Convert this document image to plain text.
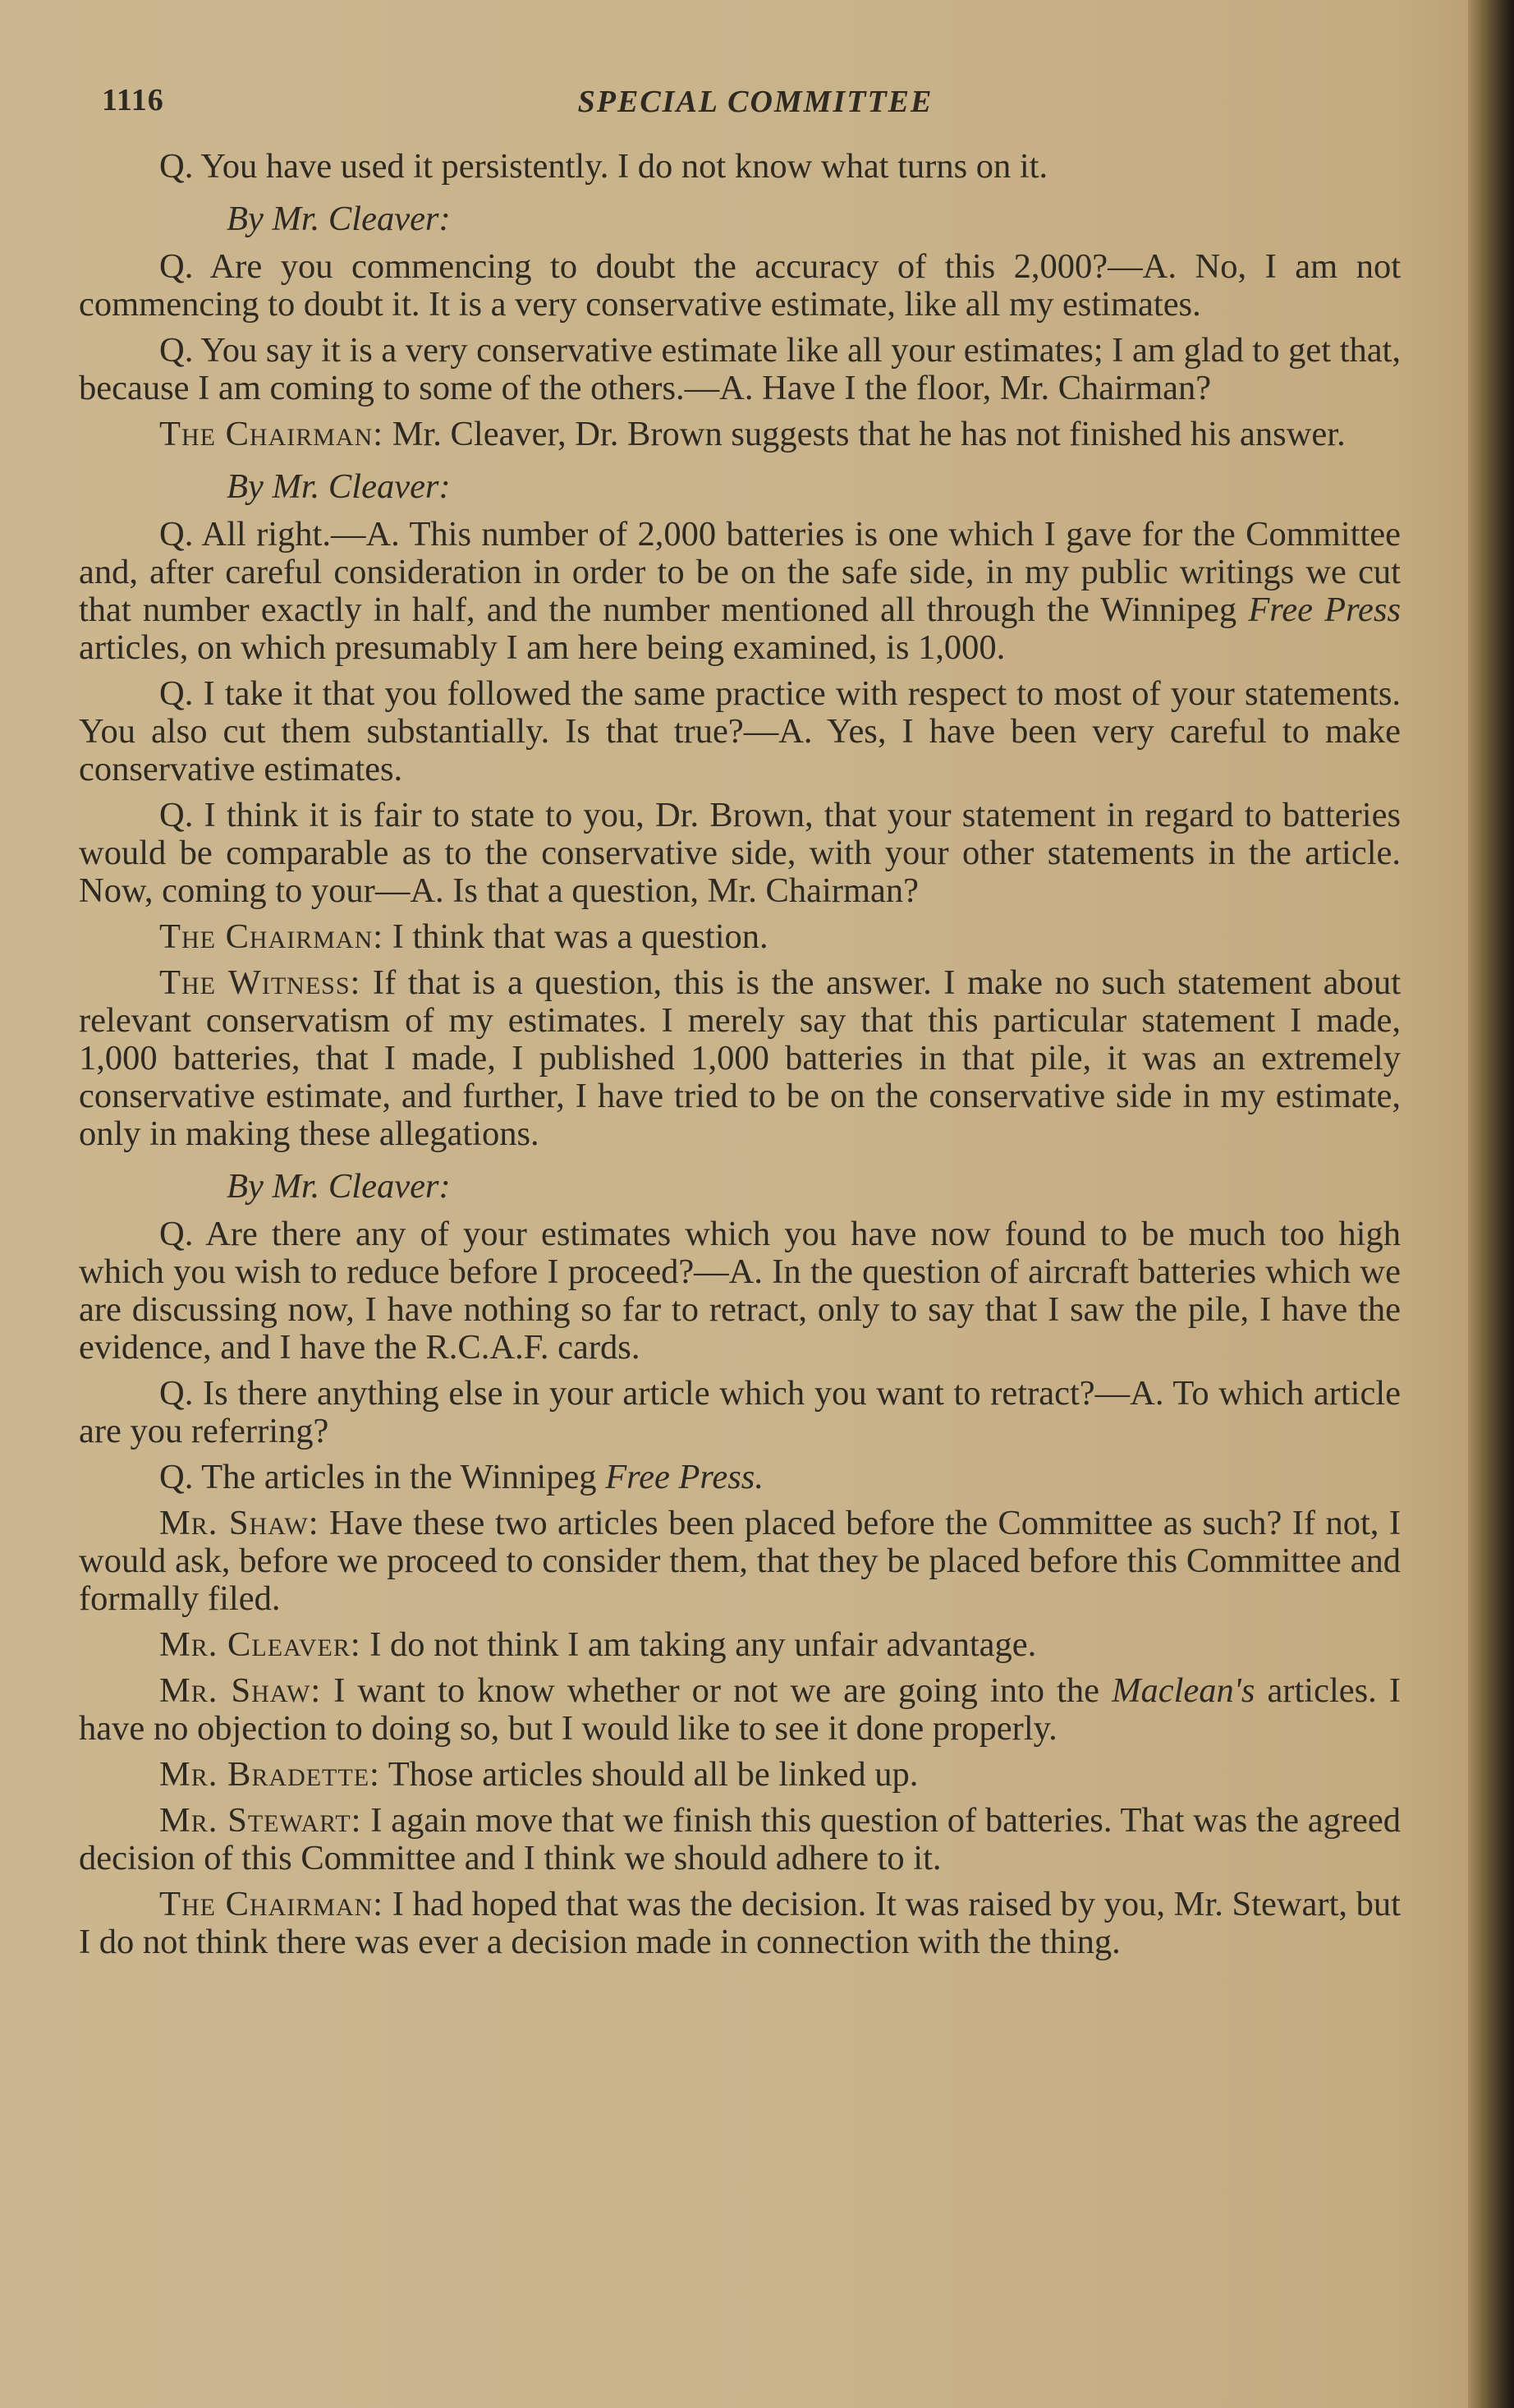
1116	SPECIAL COMMITTEE

Q. You have used it persistently. I do not know what turns on it.

By Mr. Cleaver:

Q. Are you commencing to doubt the accuracy of this 2,000?—A. No, I am not commencing to doubt it. It is a very conservative estimate, like all my estimates.

Q. You say it is a very conservative estimate like all your estimates; I am glad to get that, because I am coming to some of the others.—A. Have I the floor, Mr. Chairman?

The Chairman: Mr. Cleaver, Dr. Brown suggests that he has not finished his answer.

By Mr. Cleaver:

Q. All right.—A. This number of 2,000 batteries is one which I gave for the Committee and, after careful consideration in order to be on the safe side, in my public writings we cut that number exactly in half, and the number mentioned all through the Winnipeg Free Press articles, on which presumably I am here being examined, is 1,000.

Q. I take it that you followed the same practice with respect to most of your statements. You also cut them substantially. Is that true?—A. Yes, I have been very careful to make conservative estimates.

Q. I think it is fair to state to you, Dr. Brown, that your statement in regard to batteries would be comparable as to the conservative side, with your other statements in the article. Now, coming to your—A. Is that a question, Mr. Chairman?

The Chairman: I think that was a question.

The Witness: If that is a question, this is the answer. I make no such statement about relevant conservatism of my estimates. I merely say that this particular statement I made, 1,000 batteries, that I made, I published 1,000 batteries in that pile, it was an extremely conservative estimate, and further, I have tried to be on the conservative side in my estimate, only in making these allegations.

By Mr. Cleaver:

Q. Are there any of your estimates which you have now found to be much too high which you wish to reduce before I proceed?—A. In the question of aircraft batteries which we are discussing now, I have nothing so far to retract, only to say that I saw the pile, I have the evidence, and I have the R.C.A.F. cards.

Q. Is there anything else in your article which you want to retract?—A. To which article are you referring?

Q. The articles in the Winnipeg Free Press.

Mr. Shaw: Have these two articles been placed before the Committee as such? If not, I would ask, before we proceed to consider them, that they be placed before this Committee and formally filed.

Mr. Cleaver: I do not think I am taking any unfair advantage.

Mr. Shaw: I want to know whether or not we are going into the Maclean's articles. I have no objection to doing so, but I would like to see it done properly.

Mr. Bradette: Those articles should all be linked up.

Mr. Stewart: I again move that we finish this question of batteries. That was the agreed decision of this Committee and I think we should adhere to it.

The Chairman: I had hoped that was the decision. It was raised by you, Mr. Stewart, but I do not think there was ever a decision made in connection with the thing.
